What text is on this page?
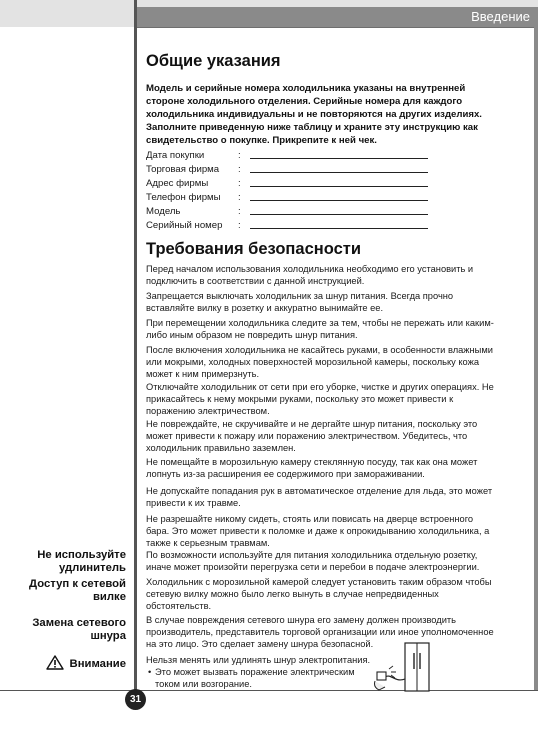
Введение
Общие указания
Модель и серийные номера холодильника указаны на внутренней стороне холодильного отделения. Серийные номера для каждого холодильника индивидуальны и не повторяются на других изделиях. Заполните приведенную ниже таблицу и храните эту инструкцию как свидетельство о покупке. Прикрепите к ней чек.
Дата покупки	:
Торговая фирма :
Адрес фирмы	:
Телефон фирмы :
Модель	:
Серийный номер :
Требования безопасности
Перед началом использования холодильника необходимо его установить и подключить в соответствии с данной инструкцией.
Запрещается выключать холодильник за шнур питания. Всегда прочно вставляйте вилку в розетку и аккуратно вынимайте ее.
При перемещении холодильника следите за тем, чтобы не пережать или каким-либо иным образом не повредить шнур питания.
После включения холодильника не касайтесь руками, в особенности влажными или мокрыми, холодных поверхностей морозильной камеры, поскольку кожа может к ним примерзнуть.
Отключайте холодильник от сети при его уборке, чистке и других операциях. Не прикасайтесь к нему мокрыми руками, поскольку это может привести к поражению электричеством.
Не повреждайте, не скручивайте и не дергайте шнур питания, поскольку это может привести к пожару или поражению электричеством. Убедитесь, что холодильник правильно заземлен.
Не помещайте в морозильную камеру стеклянную посуду, так как она может лопнуть из-за расширения ее содержимого при замораживании.
Не допускайте попадания рук в автоматическое отделение для льда, это может привести к их травме.
Не разрешайте никому сидеть, стоять или повисать на дверце встроенного бара. Это может привести к поломке и даже к опрокидыванию холодильника, а также к серьезным травмам.
По возможности используйте для питания холодильника отдельную розетку, иначе может произойти перегрузка сети и перебои в подаче электроэнергии.
Холодильник с морозильной камерой следует установить таким образом чтобы сетевую вилку можно было легко вынуть в случае непредвиденных обстоятельств.
В случае повреждения сетевого шнура его замену должен производить производитель, представитель торговой организации или иное уполномоченное на это лицо. Это сделает замену шнура безопасной.
Нельзя менять или удлинять шнур электропитания.
• Это может вызвать поражение электрическим током или возгорание.
Не используйте удлинитель
Доступ к сетевой вилке
Замена сетевого шнура
Внимание
31
